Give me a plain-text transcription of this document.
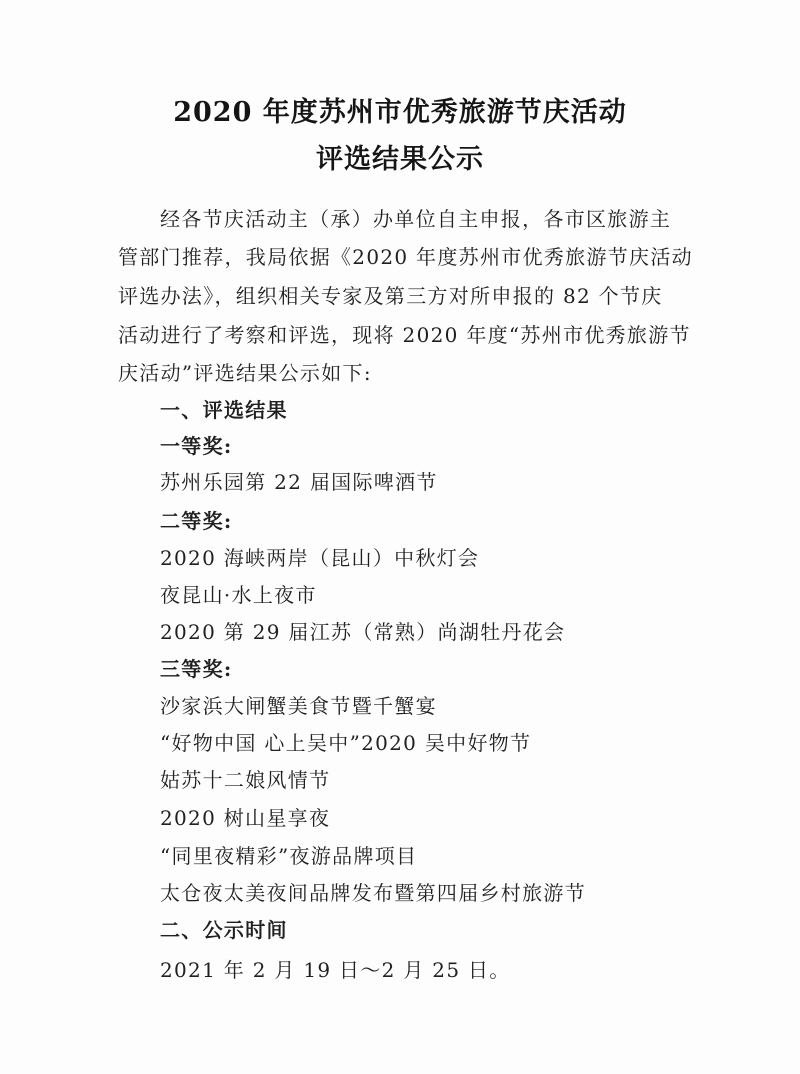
2020 年度苏州市优秀旅游节庆活动
评选结果公示
经各节庆活动主（承）办单位自主申报，各市区旅游主
管部门推荐，我局依据《2020 年度苏州市优秀旅游节庆活动
评选办法》，组织相关专家及第三方对所申报的 82 个节庆
活动进行了考察和评选，现将 2020 年度“苏州市优秀旅游节
庆活动”评选结果公示如下:
一、评选结果
一等奖:
苏州乐园第 22 届国际啤酒节
二等奖:
2020 海峡两岸（昆山）中秋灯会
夜昆山·水上夜市
2020 第 29 届江苏（常熟）尚湖牡丹花会
三等奖:
沙家浜大闸蟹美食节暨千蟹宴
“好物中国 心上吴中”2020 吴中好物节
姑苏十二娘风情节
2020 树山星享夜
“同里夜精彩”夜游品牌项目
太仓夜太美夜间品牌发布暨第四届乡村旅游节
二、公示时间
2021 年 2 月 19 日～2 月 25 日。
